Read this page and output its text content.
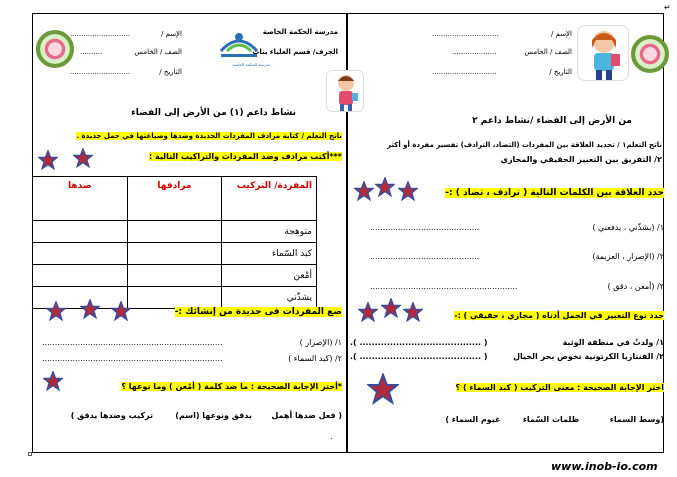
↵
...........................	الإسم /
..........	الصف / الخامس
...........................	التاريخ /
مدرسة الحكمة الخاصة
مدرسة الحكمة الخاصة
الجرف/ قسم العلياء بنات
..............................	الإسم /
....................	الصف / الخامس
.............................	التاريخ /
نشاط داعم (١) من الأرض إلى الفضاء
ناتج التعلم / كتابة مرادف المفردات الجديدة وضدها وصياغتها في جمل جديدة .
***أكتب مرادف وضد المفردات والتراكيب التالية :
المفردة/ التركيب	مرادفها	ضدها
متوهجة		
كبد السّماء		
أمْعن		
يشذّني		
ضع المفردات فى جديدة من إنشائك :-
.......................................................................	١/ (الإصرار )
.......................................................................	٢/ (كبد السماء )
*أختر الإجابة الصحيحة : ما ضد كلمة ( أمْعن ) وما نوعها ؟
( فعل ضدها أهمل       يدقق ونوعها (اسم)        تركيب وضدها يدقق )
.
من الأرض إلى الفضاء /نشاط داعم ٢
ناتج التعلم١ / تحديد العلاقة بين المفردات (التضاد، الترادف) تفسير مفردة أو أكثر
٢/ التفريق بين التعبير الحقيقي والمجازي
حدد العلاقة بين الكلمات التالية ( ترادف ، تضاد ) :-
...........................................	١/ (يشذّني ، يدفعني )
...........................................	٢/ (الإصرار ، العزيمة)
..........................................................	٣/ (أمعن ، دقق )
حدد نوع التعبير في الجمل أدناه ( مجازي ، حقيقي ) :-
( ........................................ ).	١/ ولدتُ في منطقة الوثبة
( ........................................ ).	٢/ الفنتازيا الكرتونية تخوض بحر الخيال
اختر الإجابة الصحيحة : معنى التركيب ( كبد السماء ) ؟
(وسط السماء           ظلمات السّماء        غيوم السماء )
www.inob-io.com
